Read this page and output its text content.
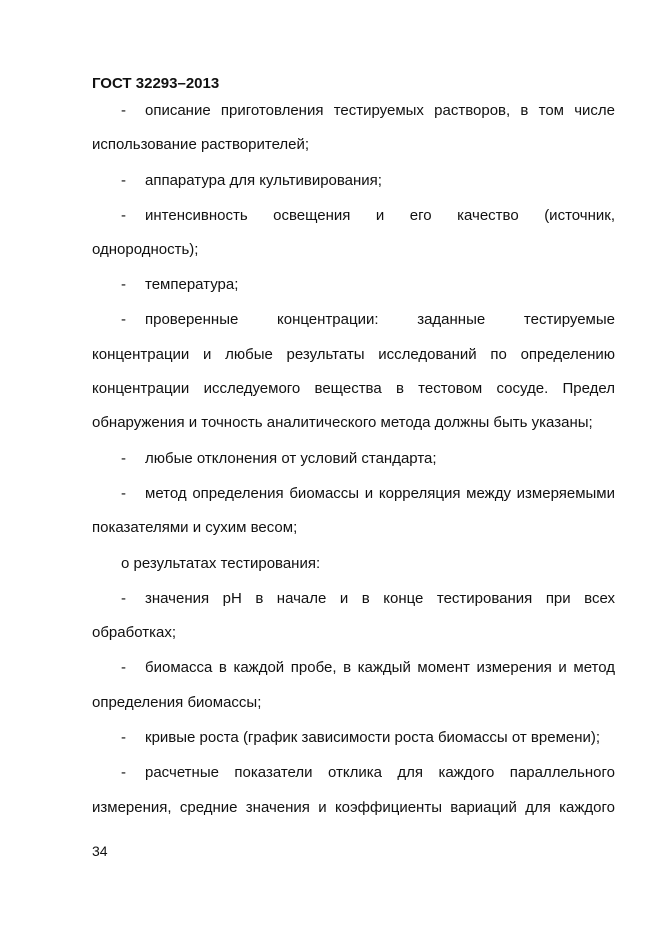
ГОСТ 32293–2013
- описание приготовления тестируемых растворов, в том числе
использование растворителей;
- аппаратура для культивирования;
- интенсивность освещения и его качество (источник,
однородность);
- температура;
- проверенные концентрации: заданные тестируемые
концентрации и любые результаты исследований по определению
концентрации исследуемого вещества в тестовом сосуде. Предел
обнаружения и точность аналитического метода должны быть указаны;
- любые отклонения от условий стандарта;
- метод определения биомассы и корреляция между измеряемыми
показателями и сухим весом;
о результатах тестирования:
- значения рН в начале и в конце тестирования при всех
обработках;
- биомасса в каждой пробе, в каждый момент измерения и метод
определения биомассы;
- кривые роста (график зависимости роста биомассы от времени);
- расчетные показатели отклика для каждого параллельного
измерения, средние значения и коэффициенты вариаций для каждого
34
